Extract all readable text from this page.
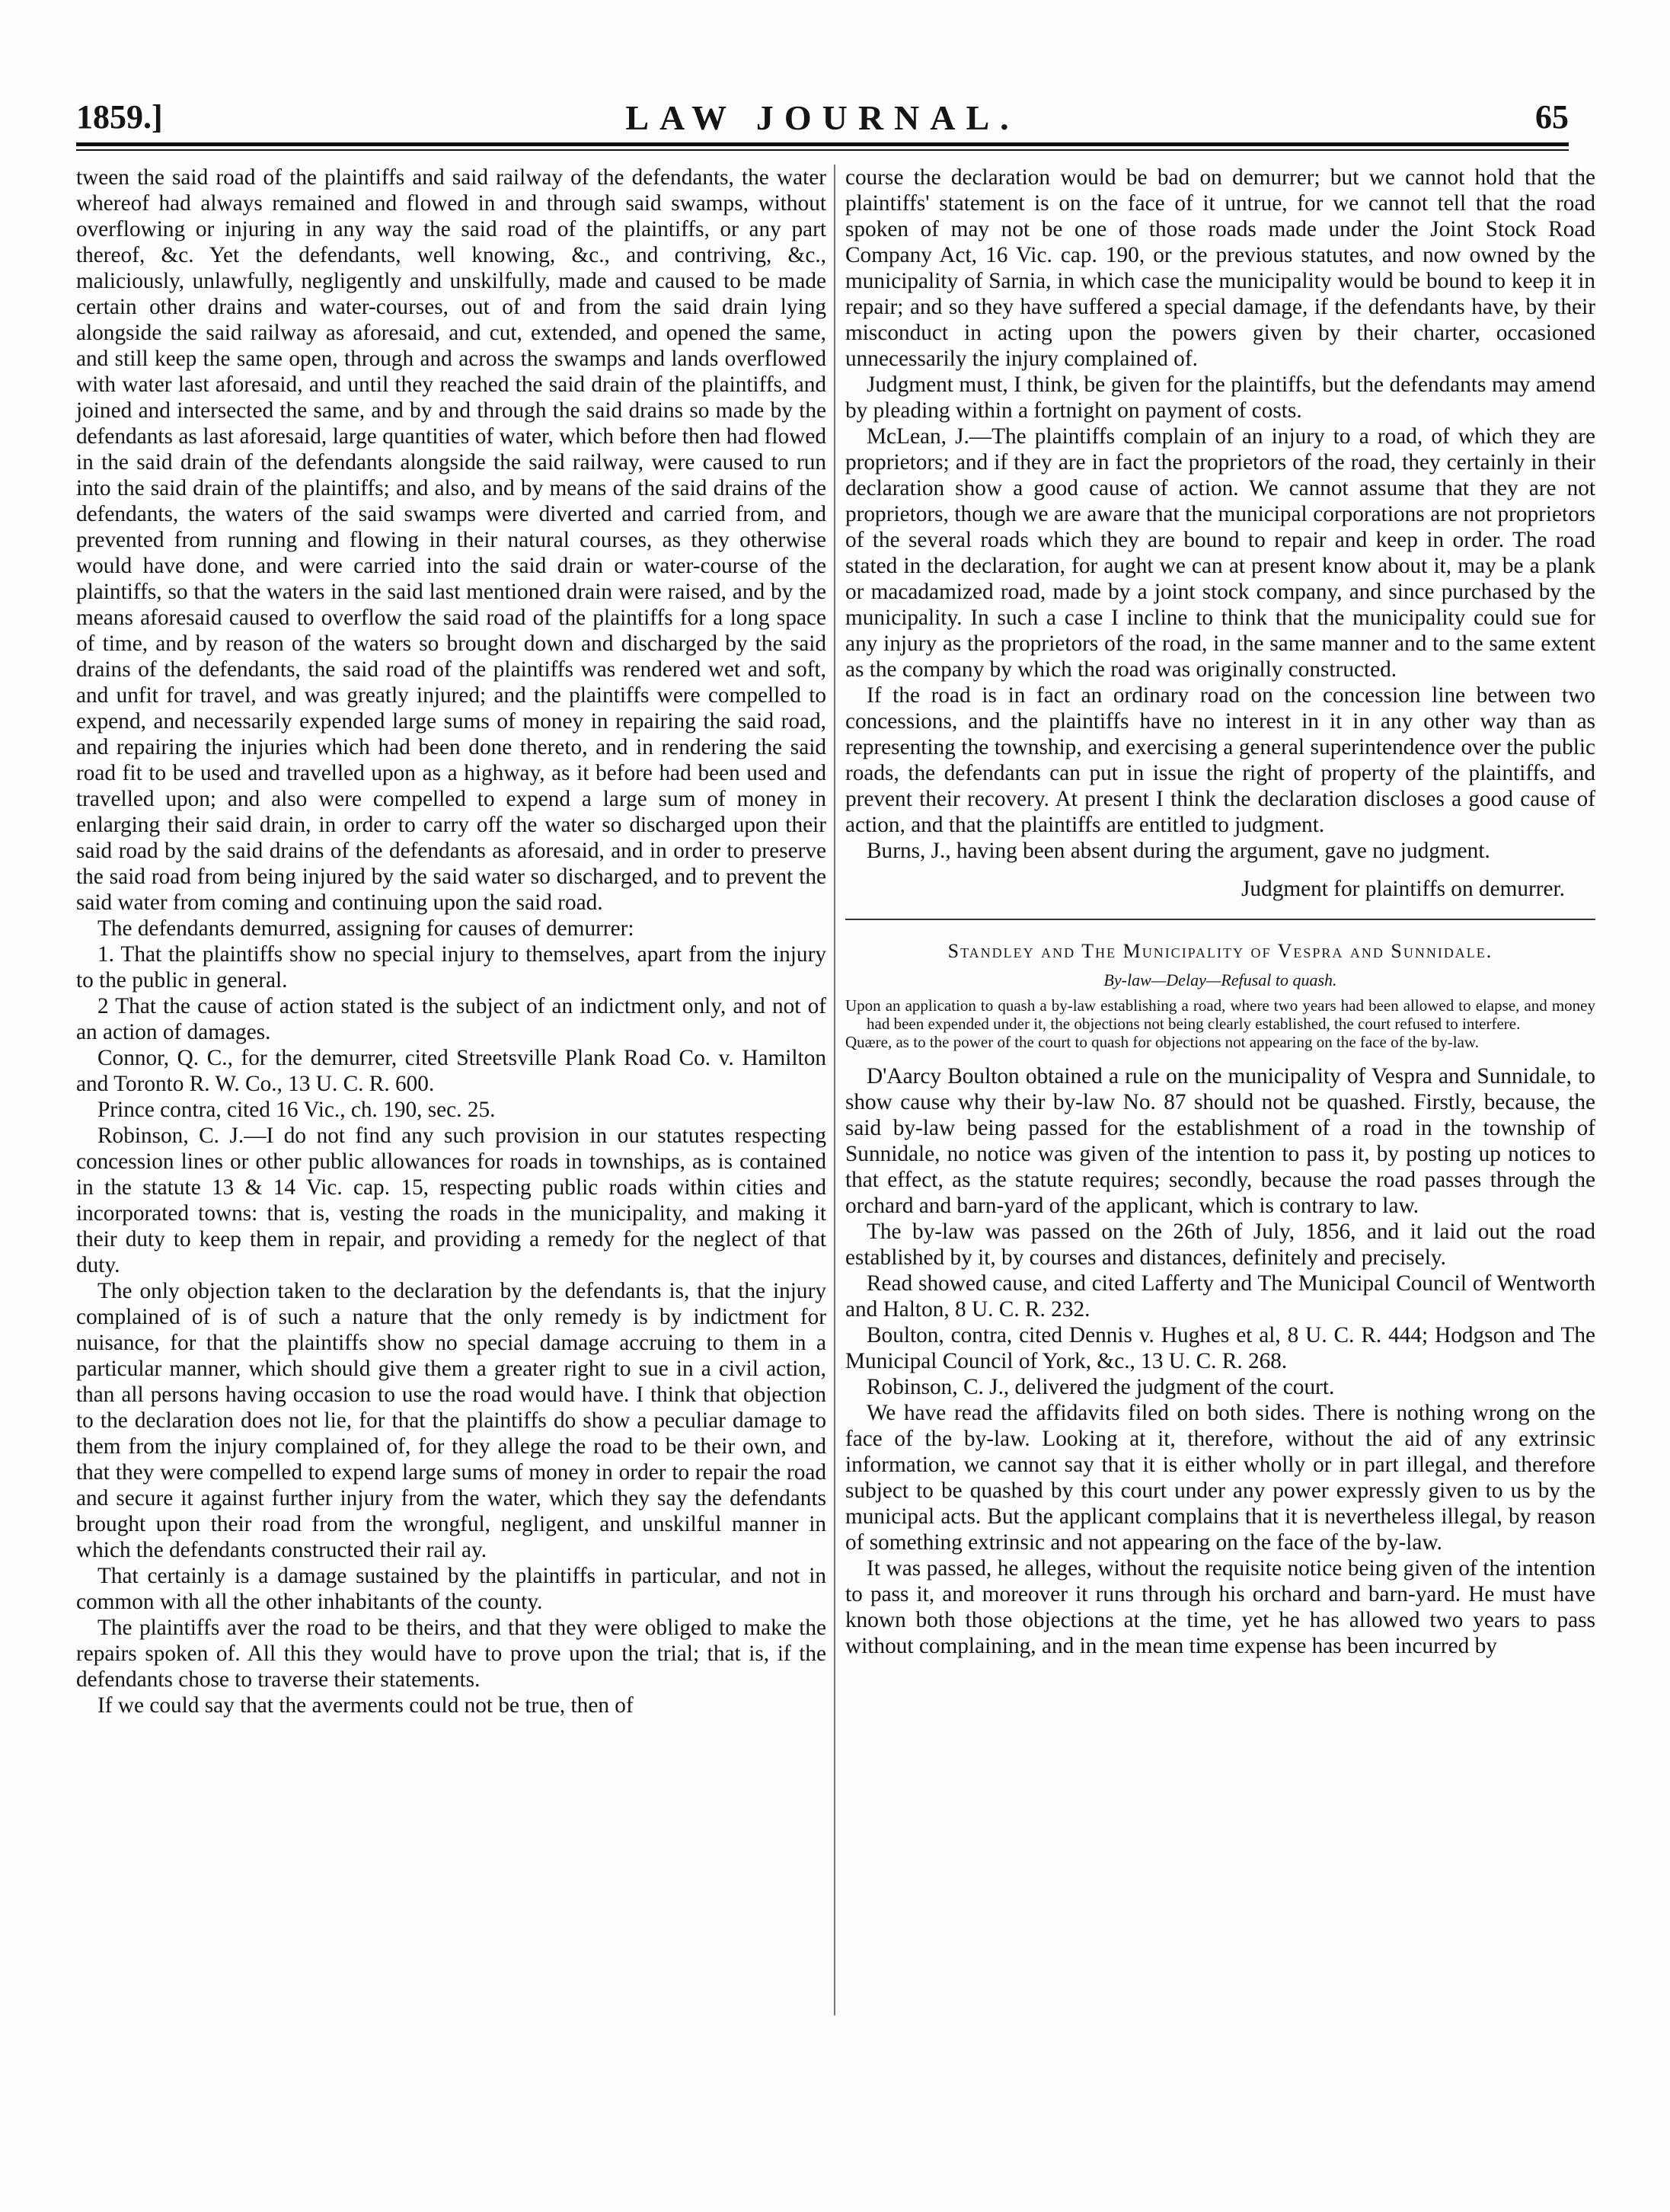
1859.]	LAW JOURNAL.	65

tween the said road of the plaintiffs and said railway of the defendants, the water whereof had always remained and flowed in and through said swamps, without overflowing or injuring in any way the said road of the plaintiffs, or any part thereof, &c. Yet the defendants, well knowing, &c., and contriving, &c., maliciously, unlawfully, negligently and unskilfully, made and caused to be made certain other drains and water-courses, out of and from the said drain lying alongside the said railway as aforesaid, and cut, extended, and opened the same, and still keep the same open, through and across the swamps and lands overflowed with water last aforesaid, and until they reached the said drain of the plaintiffs, and joined and intersected the same, and by and through the said drains so made by the defendants as last aforesaid, large quantities of water, which before then had flowed in the said drain of the defendants alongside the said railway, were caused to run into the said drain of the plaintiffs; and also, and by means of the said drains of the defendants, the waters of the said swamps were diverted and carried from, and prevented from running and flowing in their natural courses, as they otherwise would have done, and were carried into the said drain or water-course of the plaintiffs, so that the waters in the said last mentioned drain were raised, and by the means aforesaid caused to overflow the said road of the plaintiffs for a long space of time, and by reason of the waters so brought down and discharged by the said drains of the defendants, the said road of the plaintiffs was rendered wet and soft, and unfit for travel, and was greatly injured; and the plaintiffs were compelled to expend, and necessarily expended large sums of money in repairing the said road, and repairing the injuries which had been done thereto, and in rendering the said road fit to be used and travelled upon as a highway, as it before had been used and travelled upon; and also were compelled to expend a large sum of money in enlarging their said drain, in order to carry off the water so discharged upon their said road by the said drains of the defendants as aforesaid, and in order to preserve the said road from being injured by the said water so discharged, and to prevent the said water from coming and continuing upon the said road.

The defendants demurred, assigning for causes of demurrer:

1. That the plaintiffs show no special injury to themselves, apart from the injury to the public in general.

2 That the cause of action stated is the subject of an indictment only, and not of an action of damages.

Connor, Q. C., for the demurrer, cited Streetsville Plank Road Co. v. Hamilton and Toronto R. W. Co., 13 U. C. R. 600.

Prince contra, cited 16 Vic., ch. 190, sec. 25.

Robinson, C. J.—I do not find any such provision in our statutes respecting concession lines or other public allowances for roads in townships, as is contained in the statute 13 & 14 Vic. cap. 15, respecting public roads within cities and incorporated towns: that is, vesting the roads in the municipality, and making it their duty to keep them in repair, and providing a remedy for the neglect of that duty.

The only objection taken to the declaration by the defendants is, that the injury complained of is of such a nature that the only remedy is by indictment for nuisance, for that the plaintiffs show no special damage accruing to them in a particular manner, which should give them a greater right to sue in a civil action, than all persons having occasion to use the road would have. I think that objection to the declaration does not lie, for that the plaintiffs do show a peculiar damage to them from the injury complained of, for they allege the road to be their own, and that they were compelled to expend large sums of money in order to repair the road and secure it against further injury from the water, which they say the defendants brought upon their road from the wrongful, negligent, and unskilful manner in which the defendants constructed their rail ay.

That certainly is a damage sustained by the plaintiffs in particular, and not in common with all the other inhabitants of the county.

The plaintiffs aver the road to be theirs, and that they were obliged to make the repairs spoken of. All this they would have to prove upon the trial; that is, if the defendants chose to traverse their statements.

If we could say that the averments could not be true, then of

course the declaration would be bad on demurrer; but we cannot hold that the plaintiffs' statement is on the face of it untrue, for we cannot tell that the road spoken of may not be one of those roads made under the Joint Stock Road Company Act, 16 Vic. cap. 190, or the previous statutes, and now owned by the municipality of Sarnia, in which case the municipality would be bound to keep it in repair; and so they have suffered a special damage, if the defendants have, by their misconduct in acting upon the powers given by their charter, occasioned unnecessarily the injury complained of.

Judgment must, I think, be given for the plaintiffs, but the defendants may amend by pleading within a fortnight on payment of costs.

McLean, J.—The plaintiffs complain of an injury to a road, of which they are proprietors; and if they are in fact the proprietors of the road, they certainly in their declaration show a good cause of action. We cannot assume that they are not proprietors, though we are aware that the municipal corporations are not proprietors of the several roads which they are bound to repair and keep in order. The road stated in the declaration, for aught we can at present know about it, may be a plank or macadamized road, made by a joint stock company, and since purchased by the municipality. In such a case I incline to think that the municipality could sue for any injury as the proprietors of the road, in the same manner and to the same extent as the company by which the road was originally constructed.

If the road is in fact an ordinary road on the concession line between two concessions, and the plaintiffs have no interest in it in any other way than as representing the township, and exercising a general superintendence over the public roads, the defendants can put in issue the right of property of the plaintiffs, and prevent their recovery. At present I think the declaration discloses a good cause of action, and that the plaintiffs are entitled to judgment.

Burns, J., having been absent during the argument, gave no judgment.

Judgment for plaintiffs on demurrer.
Standley and The Municipality of Vespra and Sunnidale.
By-law—Delay—Refusal to quash.
Upon an application to quash a by-law establishing a road, where two years had been allowed to elapse, and money had been expended under it, the objections not being clearly established, the court refused to interfere.
Quære, as to the power of the court to quash for objections not appearing on the face of the by-law.

D'Aarcy Boulton obtained a rule on the municipality of Vespra and Sunnidale, to show cause why their by-law No. 87 should not be quashed. Firstly, because, the said by-law being passed for the establishment of a road in the township of Sunnidale, no notice was given of the intention to pass it, by posting up notices to that effect, as the statute requires; secondly, because the road passes through the orchard and barn-yard of the applicant, which is contrary to law.

The by-law was passed on the 26th of July, 1856, and it laid out the road established by it, by courses and distances, definitely and precisely.

Read showed cause, and cited Lafferty and The Municipal Council of Wentworth and Halton, 8 U. C. R. 232.

Boulton, contra, cited Dennis v. Hughes et al, 8 U. C. R. 444; Hodgson and The Municipal Council of York, &c., 13 U. C. R. 268.

Robinson, C. J., delivered the judgment of the court.

We have read the affidavits filed on both sides. There is nothing wrong on the face of the by-law. Looking at it, therefore, without the aid of any extrinsic information, we cannot say that it is either wholly or in part illegal, and therefore subject to be quashed by this court under any power expressly given to us by the municipal acts. But the applicant complains that it is nevertheless illegal, by reason of something extrinsic and not appearing on the face of the by-law.

It was passed, he alleges, without the requisite notice being given of the intention to pass it, and moreover it runs through his orchard and barn-yard. He must have known both those objections at the time, yet he has allowed two years to pass without complaining, and in the mean time expense has been incurred by
